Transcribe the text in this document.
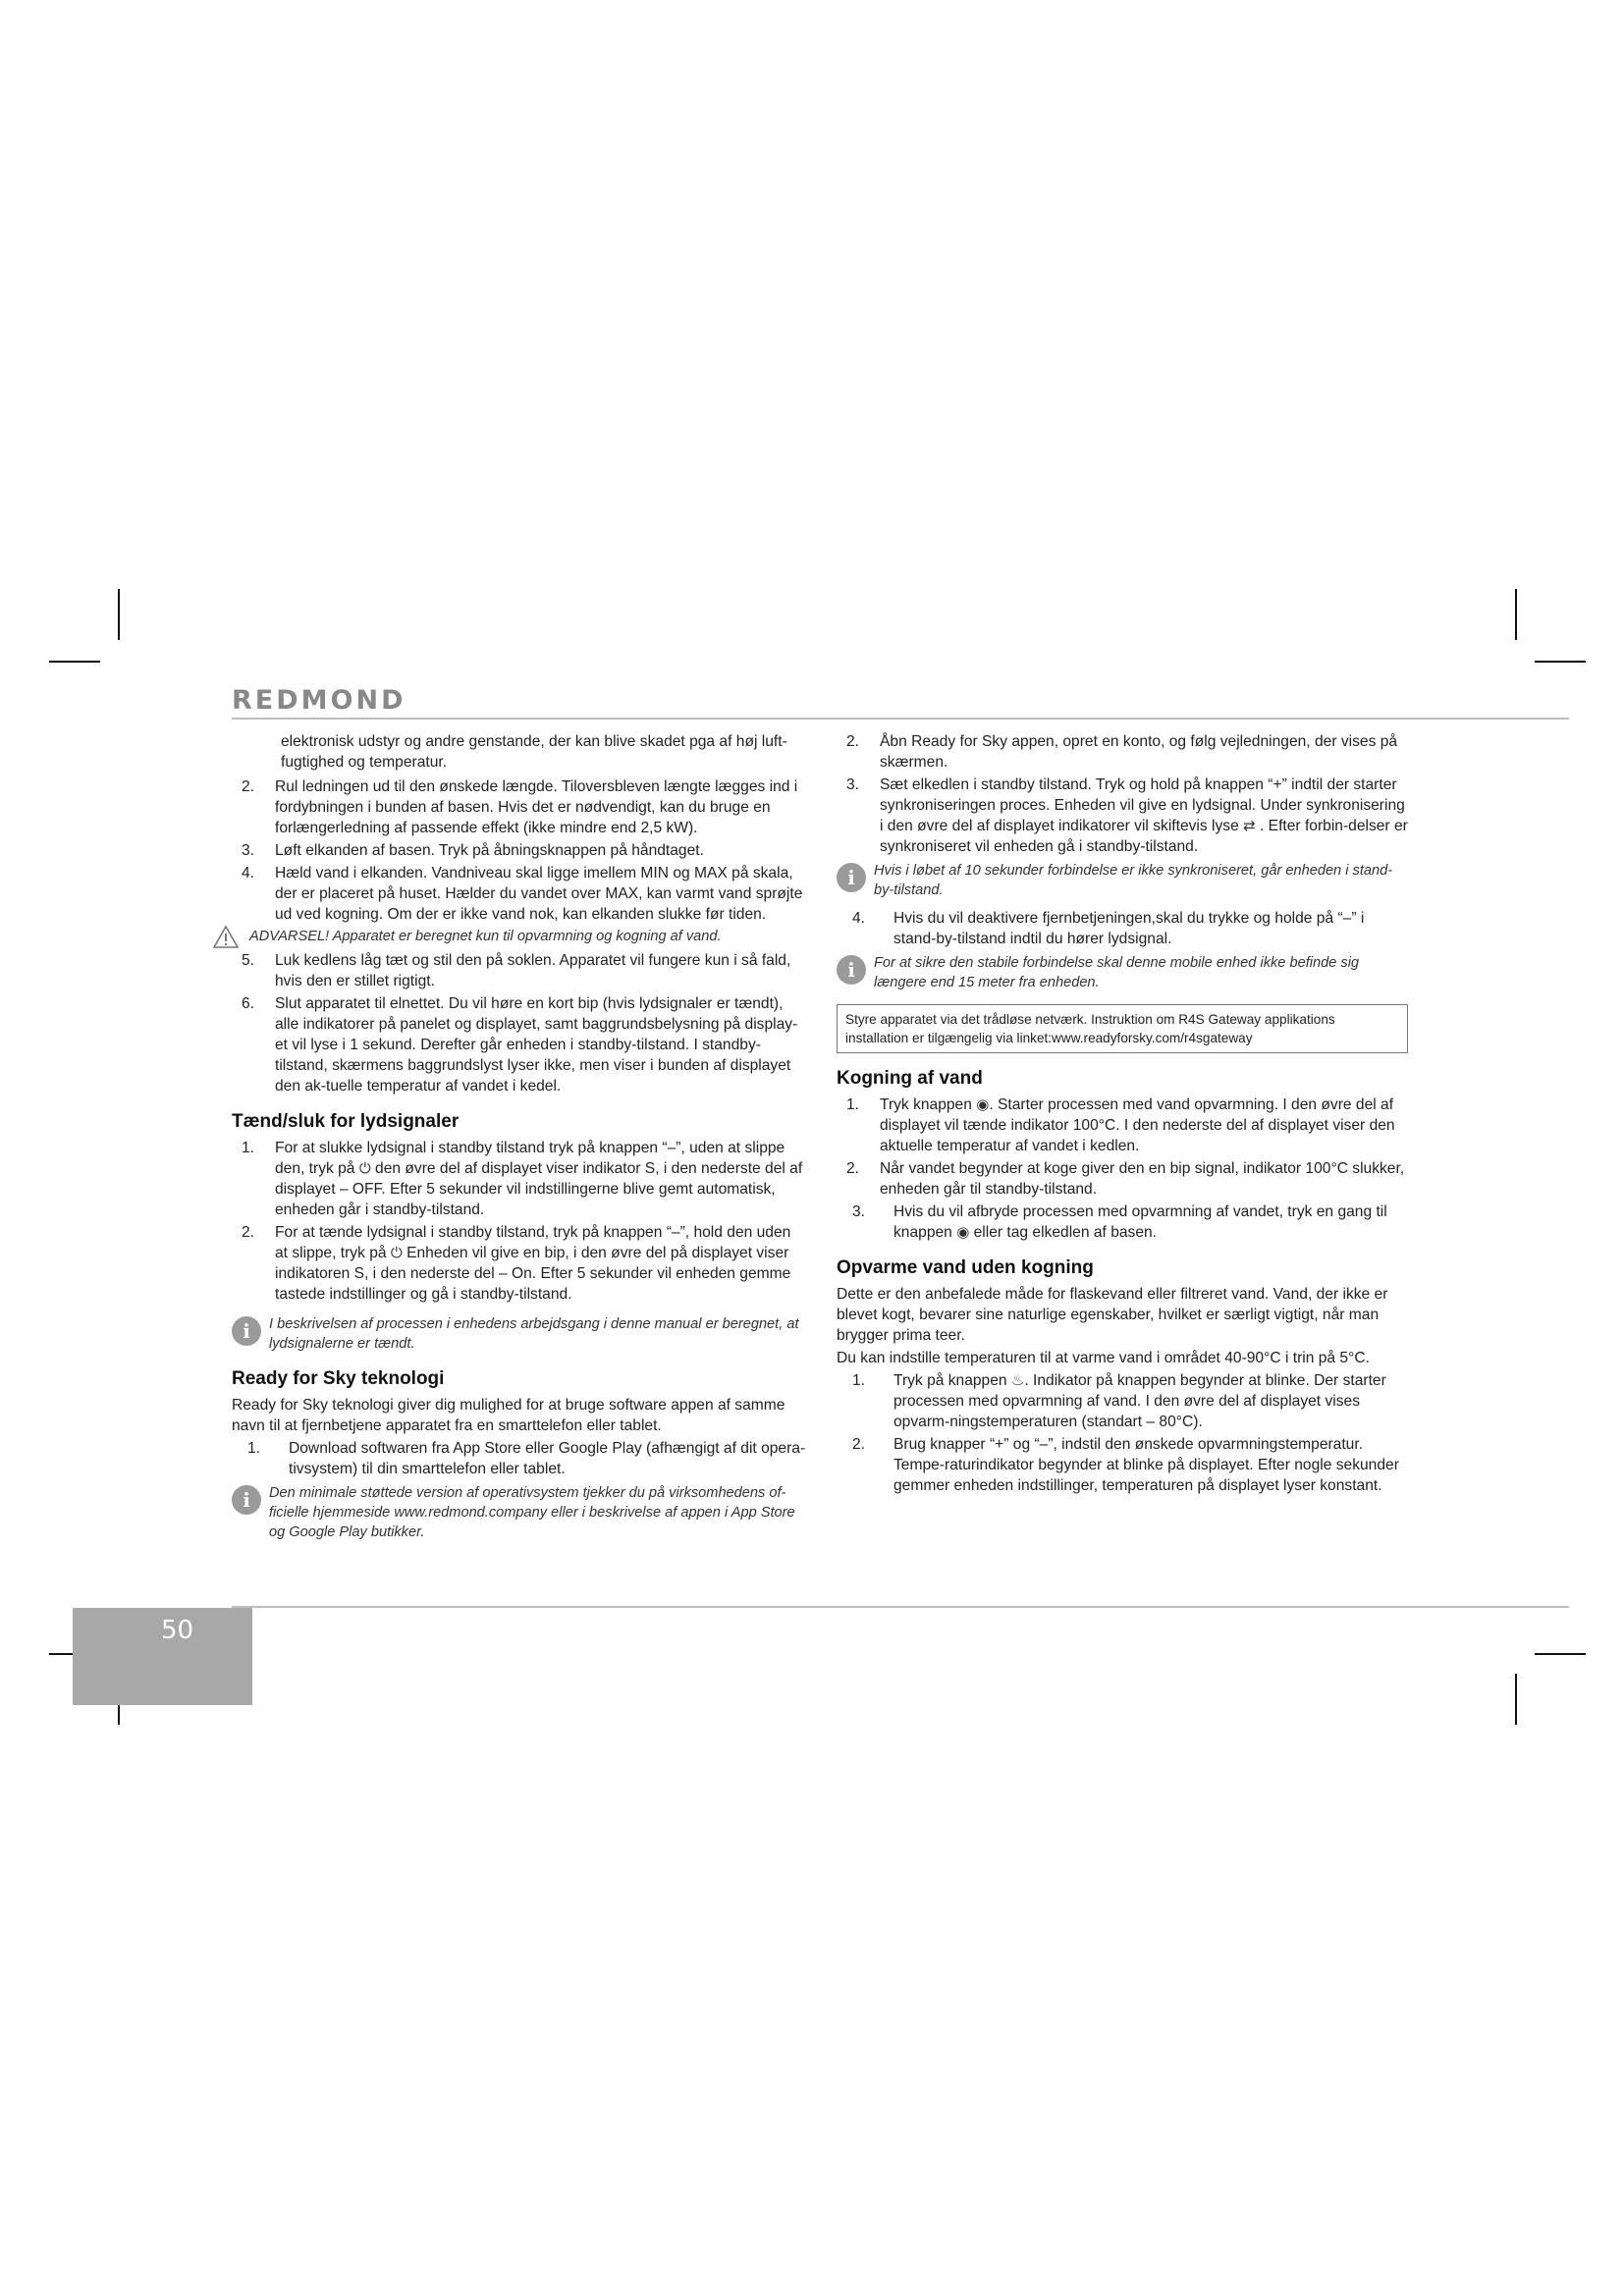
REDMOND

elektronisk udstyr og andre genstande, der kan blive skadet pga af høj luft-fugtighed og temperatur.

2. Rul ledningen ud til den ønskede længde. Tiloversbleven længte lægges ind i fordybningen i bunden af basen. Hvis det er nødvendigt, kan du bruge en forlængerledning af passende effekt (ikke mindre end 2,5 kW).
3. Løft elkanden af basen. Tryk på åbningsknappen på håndtaget.
4. Hæld vand i elkanden. Vandniveau skal ligge imellem MIN og MAX på skala, der er placeret på huset. Hælder du vandet over MAX, kan varmt vand sprøjte ud ved kogning. Om der er ikke vand nok, kan elkanden slukke før tiden.
ADVARSEL! Apparatet er beregnet kun til opvarmning og kogning af vand.
5. Luk kedlens låg tæt og stil den på soklen. Apparatet vil fungere kun i så fald, hvis den er stillet rigtigt.
6. Slut apparatet til elnettet. Du vil høre en kort bip (hvis lydsignaler er tændt), alle indikatorer på panelet og displayet, samt baggrundsbelysning på display-et vil lyse i 1 sekund. Derefter går enheden i standby-tilstand. I standby-tilstand, skærmens baggrundslyst lyser ikke, men viser i bunden af displayet den ak-tuelle temperatur af vandet i kedel.
Tænd/sluk for lydsignaler
1. For at slukke lydsignal i standby tilstand tryk på knappen “–”, uden at slippe den, tryk på ⏻ den øvre del af displayet viser indikator S, i den nederste del af displayet – OFF. Efter 5 sekunder vil indstillingerne blive gemt automatisk, enheden går i standby-tilstand.
2. For at tænde lydsignal i standby tilstand, tryk på knappen “–”, hold den uden at slippe, tryk på ⏻ Enheden vil give en bip, i den øvre del på displayet viser indikatoren S, i den nederste del – On. Efter 5 sekunder vil enheden gemme tastede indstillinger og gå i standby-tilstand.
i	I beskrivelsen af processen i enhedens arbejdsgang i denne manual er beregnet, at lydsignalerne er tændt.
Ready for Sky teknologi

Ready for Sky teknologi giver dig mulighed for at bruge software appen af samme navn til at fjernbetjene apparatet fra en smarttelefon eller tablet.

1. Download softwaren fra App Store eller Google Play (afhængigt af dit opera-tivsystem) til din smarttelefon eller tablet.
i	Den minimale støttede version af operativsystem tjekker du på virksomhedens of-ficielle hjemmeside www.redmond.company eller i beskrivelse af appen i App Store og Google Play butikker.
2. Åbn Ready for Sky appen, opret en konto, og følg vejledningen, der vises på skærmen.
3. Sæt elkedlen i standby tilstand. Tryk og hold på knappen “+” indtil der starter synkroniseringen proces. Enheden vil give en lydsignal. Under synkronisering i den øvre del af displayet indikatorer vil skiftevis lyse ⇄ . Efter forbin-delser er synkroniseret vil enheden gå i standby-tilstand.
i	Hvis i løbet af 10 sekunder forbindelse er ikke synkroniseret, går enheden i stand-by-tilstand.
4. Hvis du vil deaktivere fjernbetjeningen,skal du trykke og holde på “–” i stand-by-tilstand indtil du hører lydsignal.
i	For at sikre den stabile forbindelse skal denne mobile enhed ikke befinde sig længere end 15 meter fra enheden.
Styre apparatet via det trådløse netværk. Instruktion om R4S Gateway applikations installation er tilgængelig via linket:www.readyforsky.com/r4sgateway
Kogning af vand
1. Tryk knappen ◉. Starter processen med vand opvarmning. I den øvre del af displayet vil tænde indikator 100°C. I den nederste del af displayet viser den aktuelle temperatur af vandet i kedlen.
2. Når vandet begynder at koge giver den en bip signal, indikator 100°C slukker, enheden går til standby-tilstand.
3. Hvis du vil afbryde processen med opvarmning af vandet, tryk en gang til knappen ◉ eller tag elkedlen af basen.
Opvarme vand uden kogning

Dette er den anbefalede måde for flaskevand eller filtreret vand. Vand, der ikke er blevet kogt, bevarer sine naturlige egenskaber, hvilket er særligt vigtigt, når man brygger prima teer.

Du kan indstille temperaturen til at varme vand i området 40-90°C i trin på 5°C.

1. Tryk på knappen ♨. Indikator på knappen begynder at blinke. Der starter processen med opvarmning af vand. I den øvre del af displayet vises opvarm-ningstemperaturen (standart – 80°C).
2. Brug knapper “+” og “–”, indstil den ønskede opvarmningstemperatur. Tempe-raturindikator begynder at blinke på displayet. Efter nogle sekunder gemmer enheden indstillinger, temperaturen på displayet lyser konstant.
50
